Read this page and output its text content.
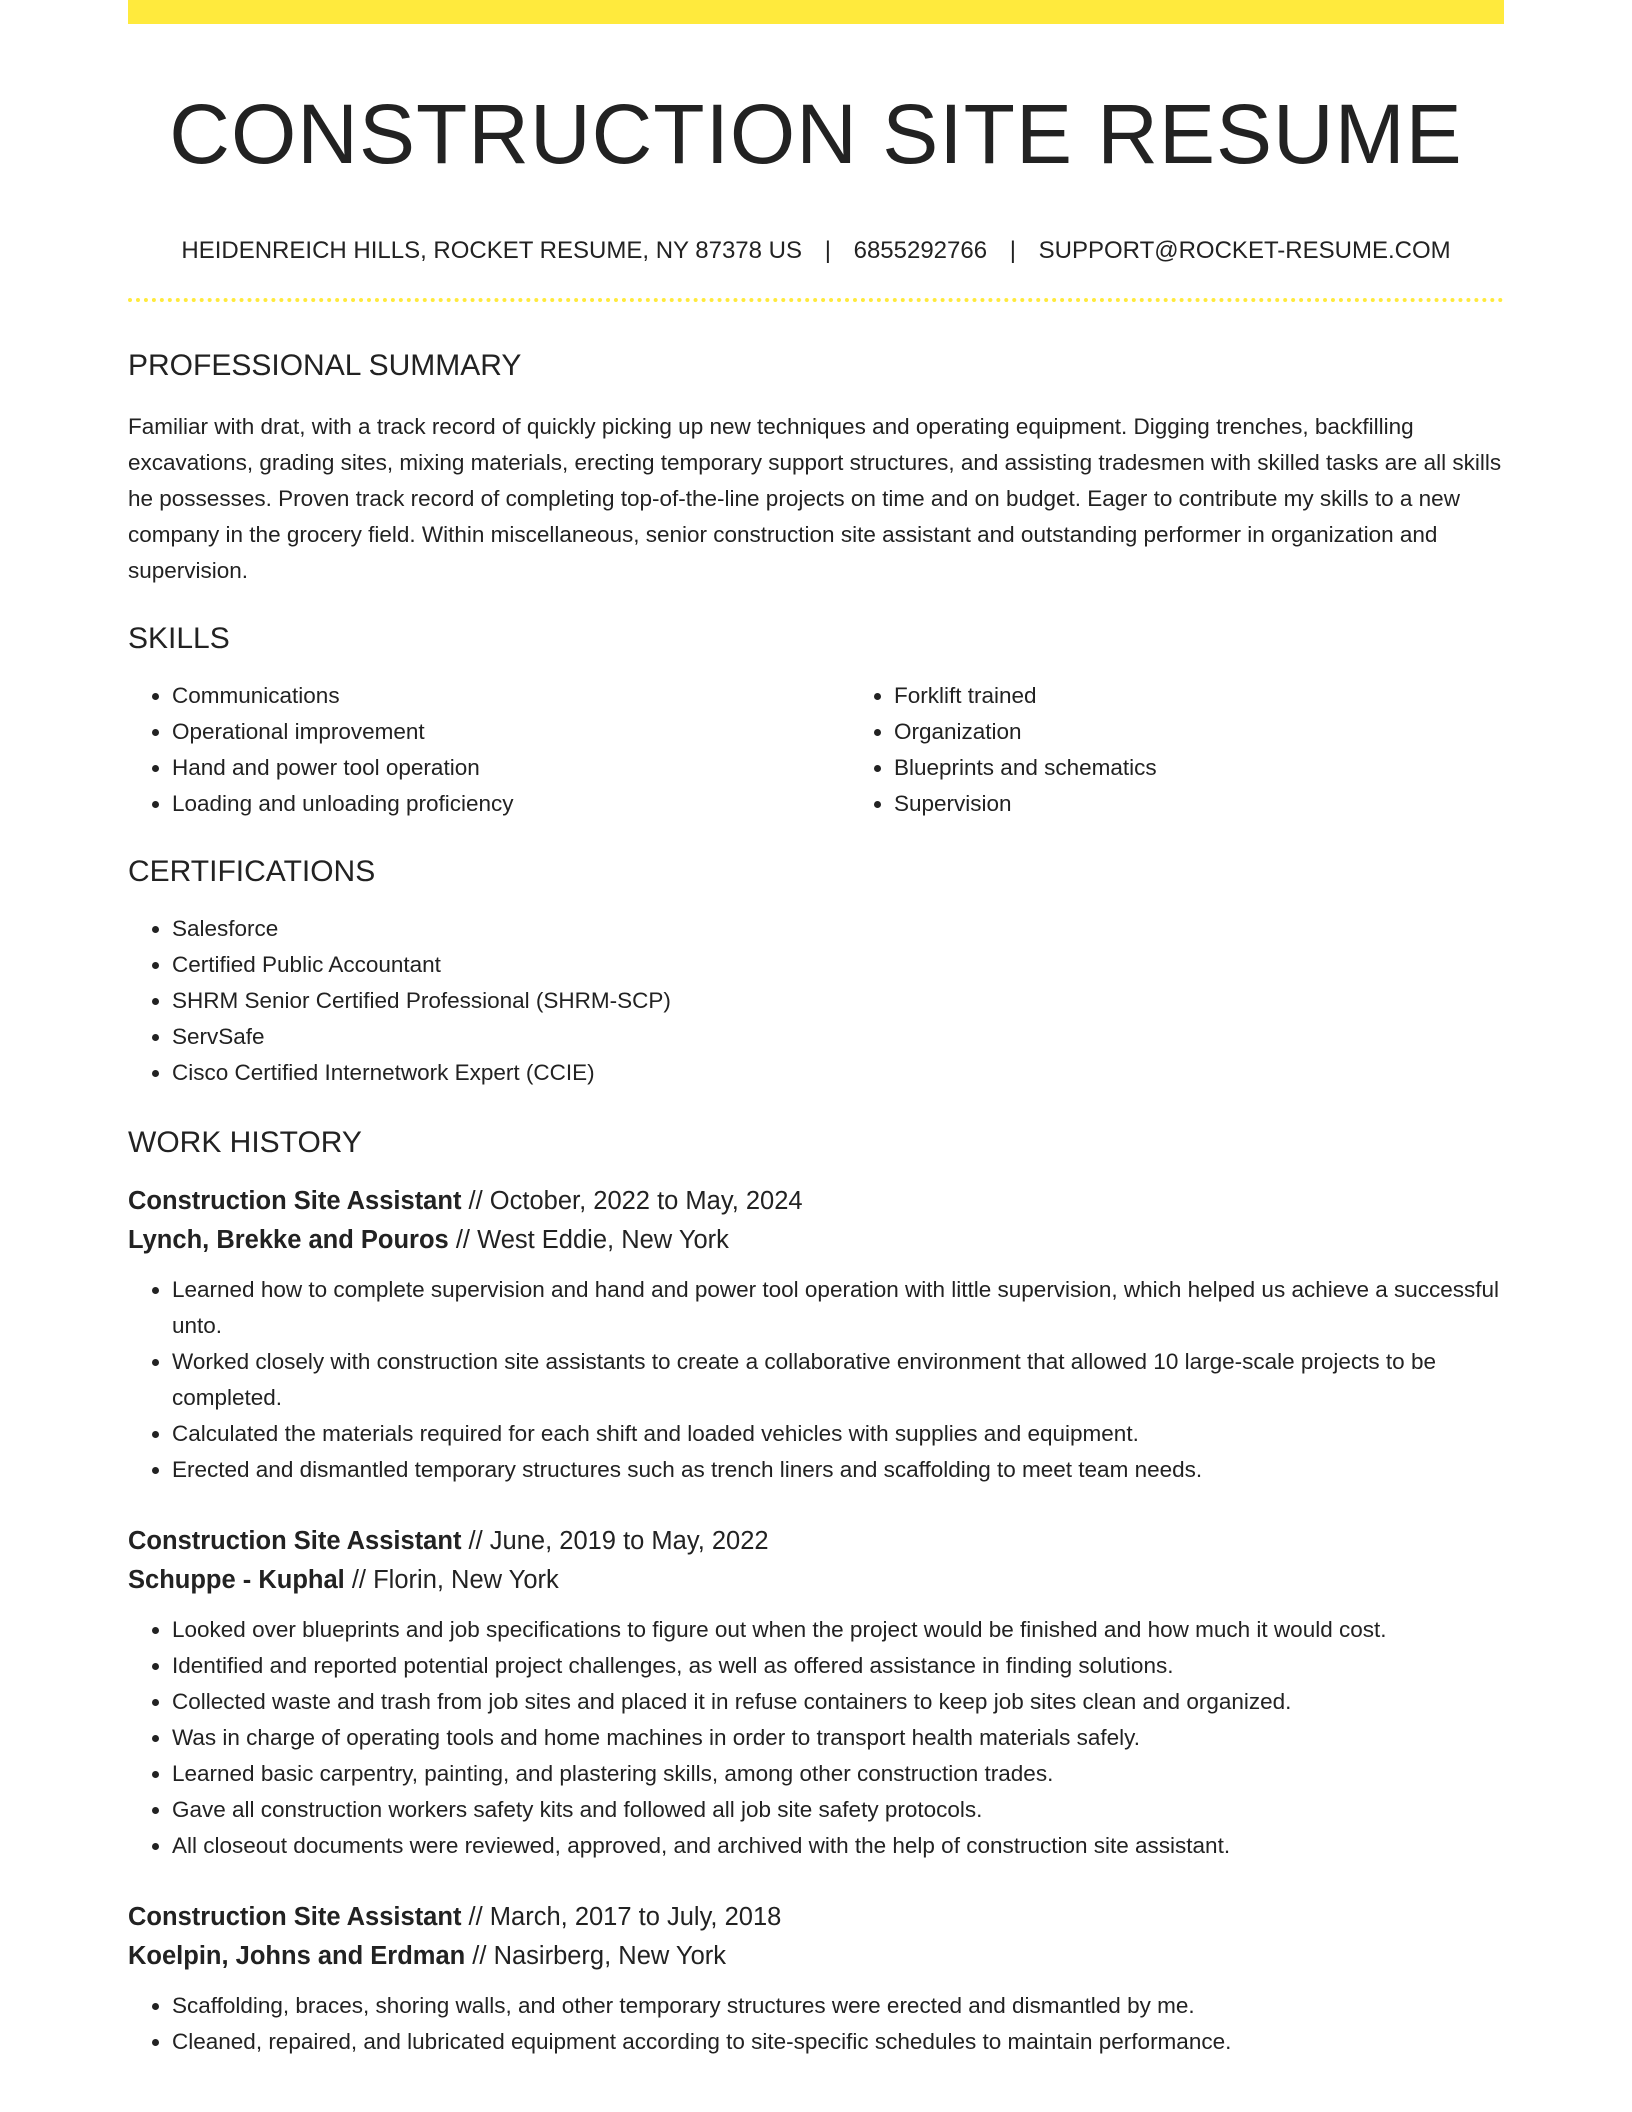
CONSTRUCTION SITE RESUME
HEIDENREICH HILLS, ROCKET RESUME, NY 87378 US | 6855292766 | SUPPORT@ROCKET-RESUME.COM
PROFESSIONAL SUMMARY

Familiar with drat, with a track record of quickly picking up new techniques and operating equipment. Digging trenches, backfilling excavations, grading sites, mixing materials, erecting temporary support structures, and assisting tradesmen with skilled tasks are all skills he possesses. Proven track record of completing top-of-the-line projects on time and on budget. Eager to contribute my skills to a new company in the grocery field. Within miscellaneous, senior construction site assistant and outstanding performer in organization and supervision.

SKILLS
• Communications
• Operational improvement
• Hand and power tool operation
• Loading and unloading proficiency
• Forklift trained
• Organization
• Blueprints and schematics
• Supervision
CERTIFICATIONS
• Salesforce
• Certified Public Accountant
• SHRM Senior Certified Professional (SHRM-SCP)
• ServSafe
• Cisco Certified Internetwork Expert (CCIE)
WORK HISTORY
Construction Site Assistant // October, 2022 to May, 2024
Lynch, Brekke and Pouros // West Eddie, New York
• Learned how to complete supervision and hand and power tool operation with little supervision, which helped us achieve a successful unto.
• Worked closely with construction site assistants to create a collaborative environment that allowed 10 large-scale projects to be completed.
• Calculated the materials required for each shift and loaded vehicles with supplies and equipment.
• Erected and dismantled temporary structures such as trench liners and scaffolding to meet team needs.
Construction Site Assistant // June, 2019 to May, 2022
Schuppe - Kuphal // Florin, New York
• Looked over blueprints and job specifications to figure out when the project would be finished and how much it would cost.
• Identified and reported potential project challenges, as well as offered assistance in finding solutions.
• Collected waste and trash from job sites and placed it in refuse containers to keep job sites clean and organized.
• Was in charge of operating tools and home machines in order to transport health materials safely.
• Learned basic carpentry, painting, and plastering skills, among other construction trades.
• Gave all construction workers safety kits and followed all job site safety protocols.
• All closeout documents were reviewed, approved, and archived with the help of construction site assistant.
Construction Site Assistant // March, 2017 to July, 2018
Koelpin, Johns and Erdman // Nasirberg, New York
• Scaffolding, braces, shoring walls, and other temporary structures were erected and dismantled by me.
• Cleaned, repaired, and lubricated equipment according to site-specific schedules to maintain performance.
